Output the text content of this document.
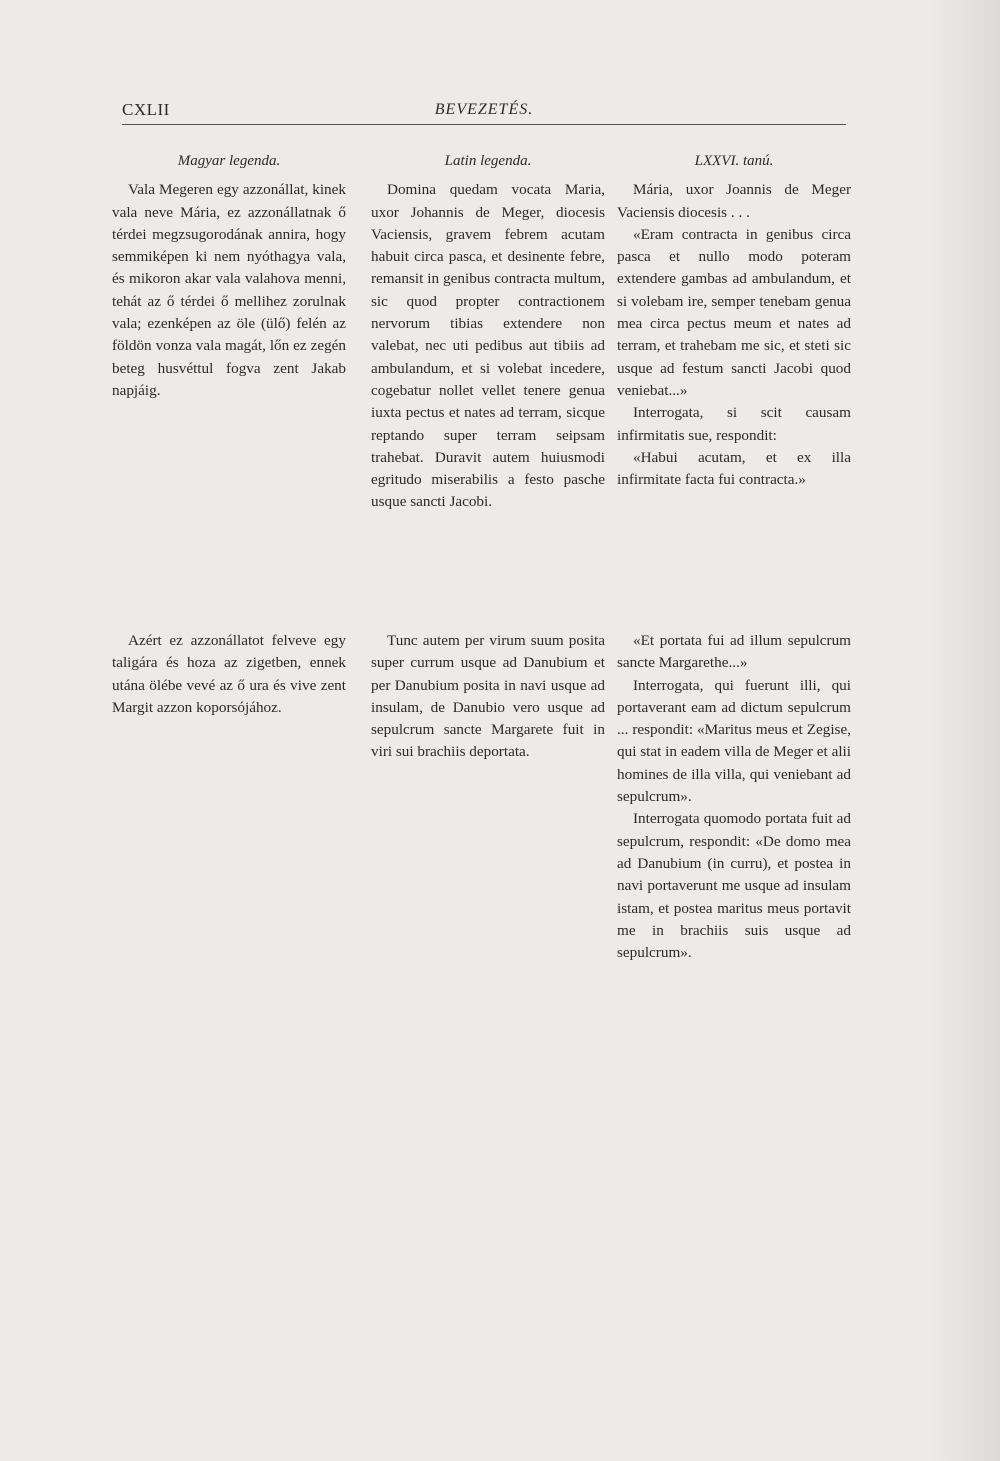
CXLII	BEVEZETÉS.
Magyar legenda.

Vala Megeren egy azzonállat, kinek vala neve Mária, ez azzonállatnak ő térdei megzsugorodának annira, hogy semmiképen ki nem nyóthagya vala, és mikoron akar vala valahova menni, tehát az ő térdei ő mellihez zorulnak vala; ezenképen az öle (ülő) felén az földön vonza vala magát, lőn ez zegén beteg husvéttul fogva zent Jakab napjáig.

Azért ez azzonállatot felveve egy taligára és hoza az zigetben, ennek utána ölébe vevé az ő ura és vive zent Margit azzon koporsójához.

Latin legenda.

Domina quedam vocata Maria, uxor Johannis de Meger, diocesis Vaciensis, gravem febrem acutam habuit circa pasca, et desinente febre, remansit in genibus contracta multum, sic quod propter contractionem nervorum tibias extendere non valebat, nec uti pedibus aut tibiis ad ambulandum, et si volebat incedere, cogebatur nollet vellet tenere genua iuxta pectus et nates ad terram, sicque reptando super terram seipsam trahebat. Duravit autem huiusmodi egritudo miserabilis a festo pasche usque sancti Jacobi.

Tunc autem per virum suum posita super currum usque ad Danubium et per Danubium posita in navi usque ad insulam, de Danubio vero usque ad sepulcrum sancte Margarete fuit in viri sui brachiis deportata.

LXXVI. tanú.

Mária, uxor Joannis de Meger Vaciensis diocesis . . .

«Eram contracta in genibus circa pasca et nullo modo poteram extendere gambas ad ambulandum, et si volebam ire, semper tenebam genua mea circa pectus meum et nates ad terram, et trahebam me sic, et steti sic usque ad festum sancti Jacobi quod veniebat...»

Interrogata, si scit causam infirmitatis sue, respondit:

«Habui acutam, et ex illa infirmitate facta fui contracta.»

«Et portata fui ad illum sepulcrum sancte Margarethe...»

Interrogata, qui fuerunt illi, qui portaverant eam ad dictum sepulcrum ... respondit: «Maritus meus et Zegise, qui stat in eadem villa de Meger et alii homines de illa villa, qui veniebant ad sepulcrum».

Interrogata quomodo portata fuit ad sepulcrum, respondit: «De domo mea ad Danubium (in curru), et postea in navi portaverunt me usque ad insulam istam, et postea maritus meus portavit me in brachiis suis usque ad sepulcrum».
